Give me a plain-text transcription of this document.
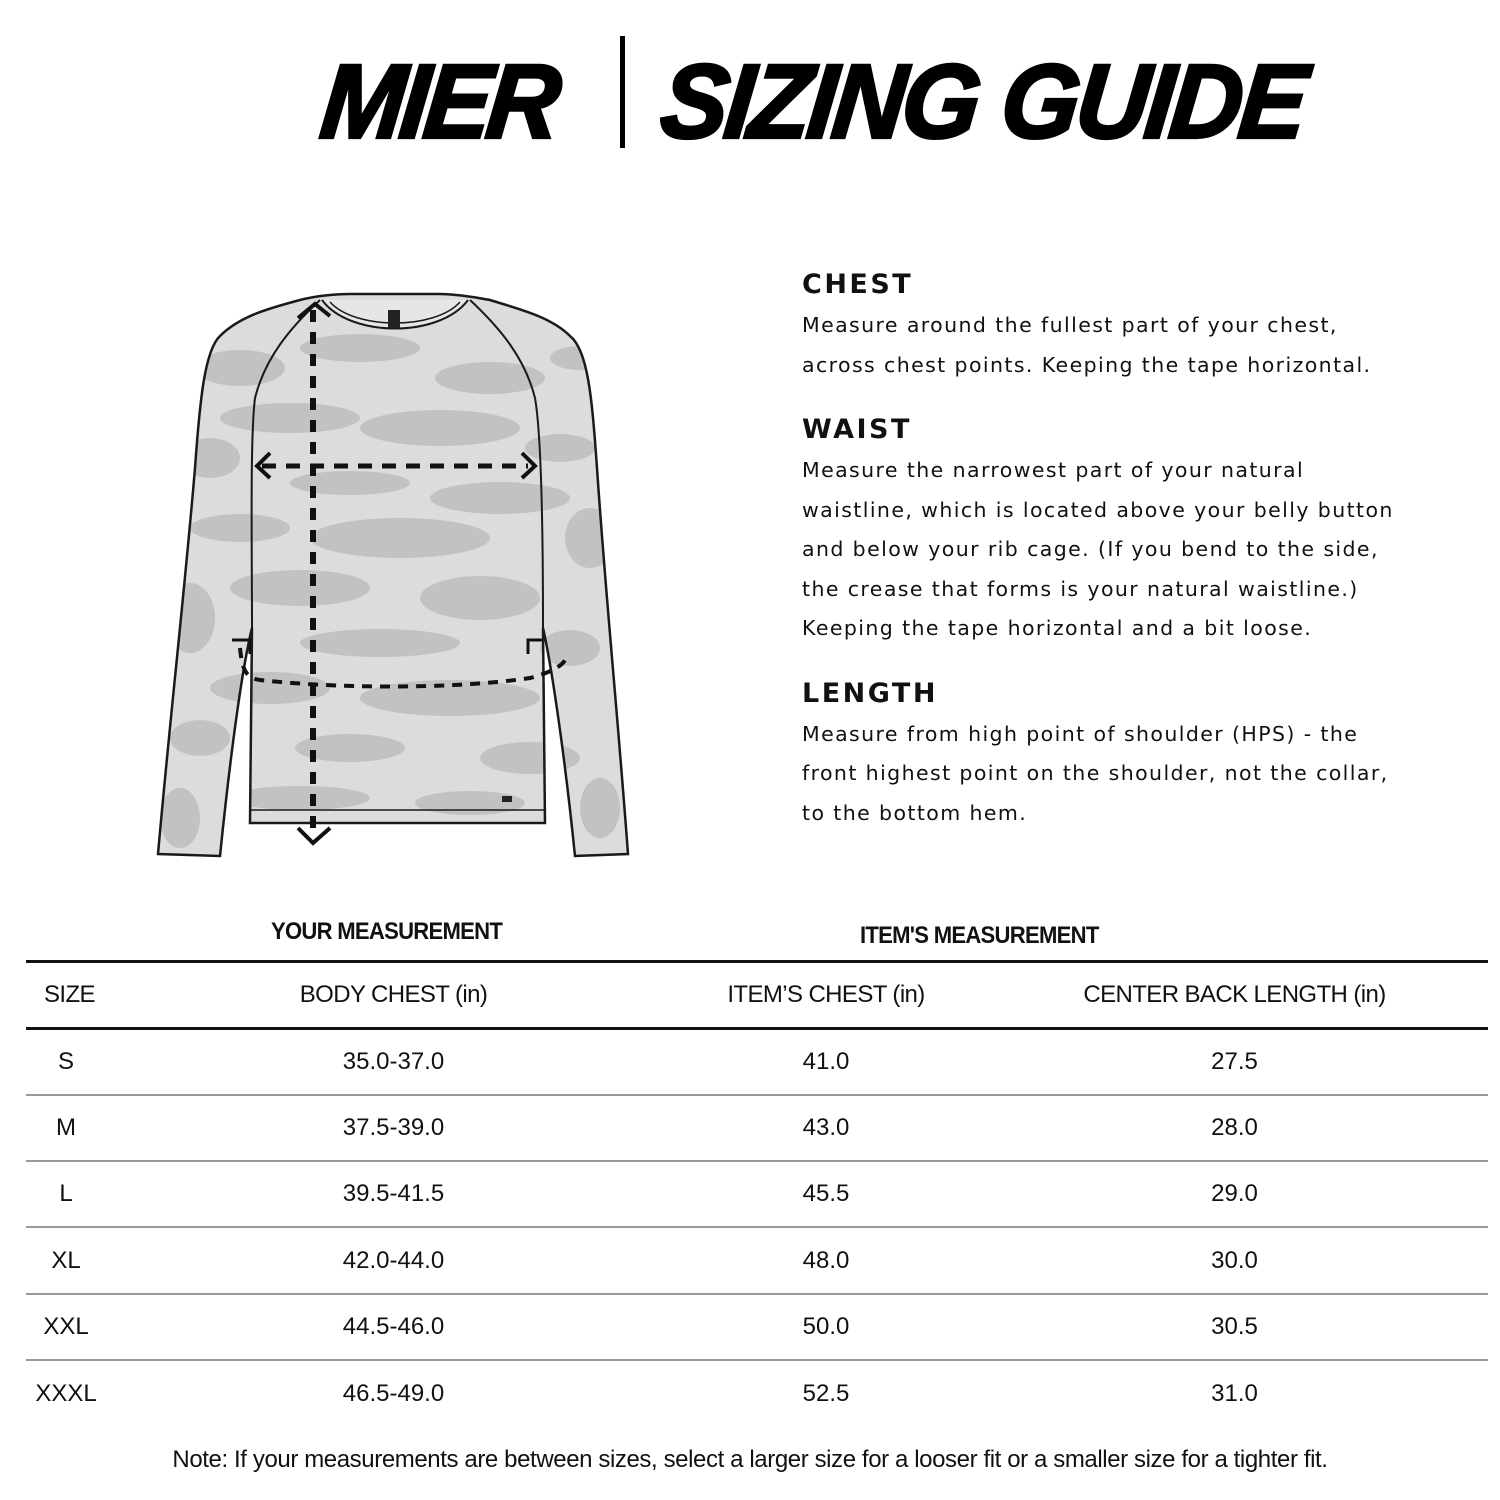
MIER SIZING GUIDE
CHEST
Measure around the fullest part of your chest,
across chest points. Keeping the tape horizontal.
WAIST
Measure the narrowest part of your natural
waistline, which is located above your belly button
and below your rib cage. (If you bend to the side,
the crease that forms is your natural waistline.)
Keeping the tape horizontal and a bit loose.
LENGTH
Measure from high point of shoulder (HPS) - the
front highest point on the shoulder, not the collar,
to the bottom hem.
YOUR MEASUREMENT	ITEM'S MEASUREMENT
SIZE	BODY CHEST (in)	ITEM’S CHEST (in)	CENTER BACK LENGTH (in)
S	35.0-37.0	41.0	27.5
M	37.5-39.0	43.0	28.0
L	39.5-41.5	45.5	29.0
XL	42.0-44.0	48.0	30.0
XXL	44.5-46.0	50.0	30.5
XXXL	46.5-49.0	52.5	31.0
Note: If your measurements are between sizes, select a larger size for a looser fit or a smaller size for a tighter fit.
